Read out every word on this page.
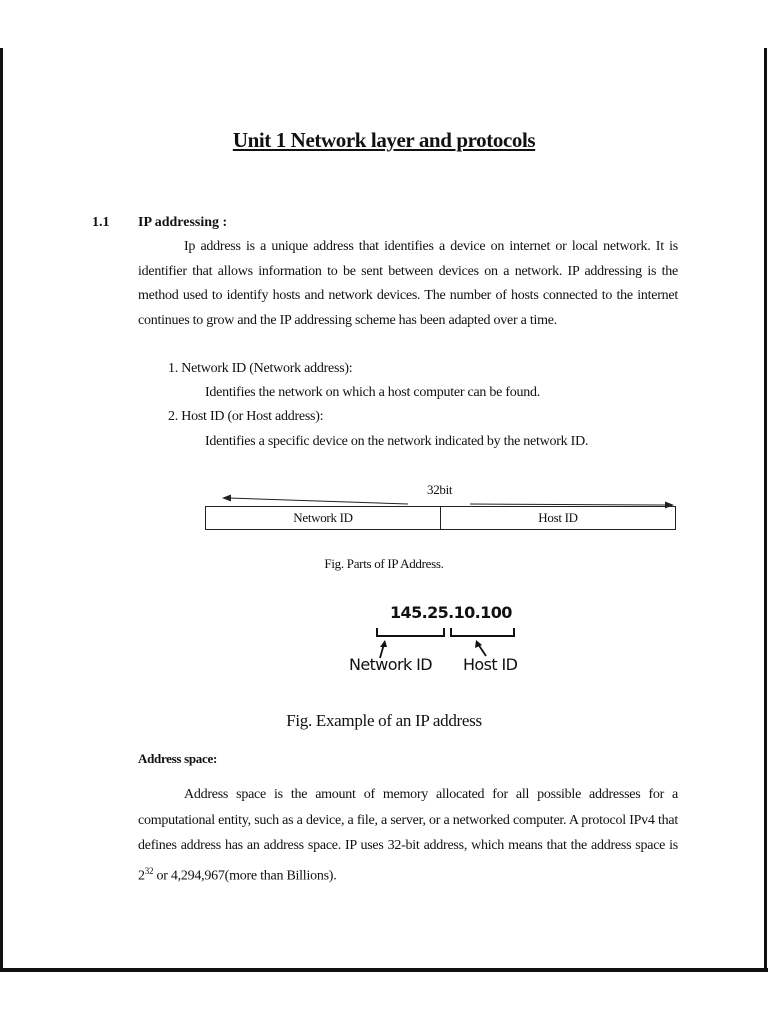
Unit 1 Network layer and protocols
1.1 IP addressing :

Ip address is a unique address that identifies a device on internet or local network. It is identifier that allows information to be sent between devices on a network. IP addressing is the method used to identify hosts and network devices. The number of hosts connected to the internet continues to grow and the IP addressing scheme has been adapted over a time.

1. Network ID (Network address):
Identifies the network on which a host computer can be found.
2. Host ID (or Host address):
Identifies a specific device on the network indicated by the network ID.
32bit
Network ID	Host ID
Fig. Parts of IP Address.
145.25.10.100
Network ID Host ID
Fig. Example of an IP address
Address space:

Address space is the amount of memory allocated for all possible addresses for a computational entity, such as a device, a file, a server, or a networked computer. A protocol IPv4 that defines address has an address space. IP uses 32-bit address, which means that the address space is $2^{32}$ or 4,294,967(more than Billions).
